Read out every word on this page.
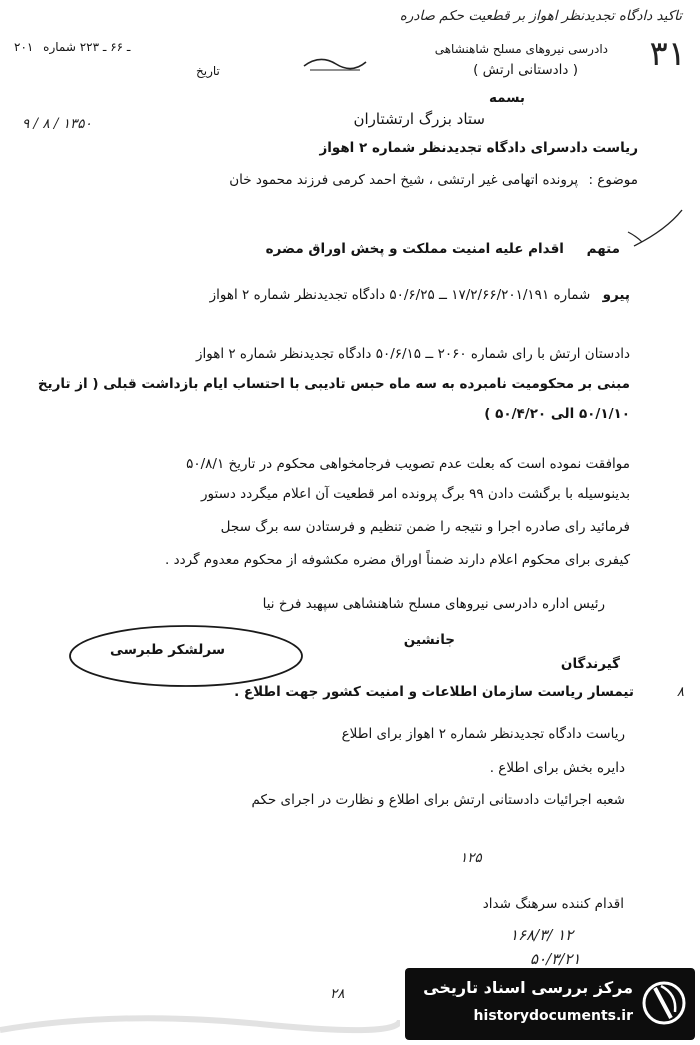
تاکید دادگاه تجدیدنظر اهواز بر قطعیت حکم صادره
۳۱
۲۰۱ ـ ۶۶ ـ ۲۲۳ شماره
تاریخ
دادرسی نیروهای مسلح شاهنشاهی
( دادستانی ارتش )
بسمه
ستاد بزرگ ارتشتاران
۹ / ۸ / ۱۳۵۰
ریاست دادسرای دادگاه تجدیدنظر شماره ۲ اهواز
موضوع : پرونده اتهامی غیر ارتشی ، شیخ احمد کرمی فرزند محمود خان
متهم اقدام علیه امنیت مملکت و پخش اوراق مضره
پیرو شماره ۱۷/۲/۶۶/۲۰۱/۱۹۱ ــ ۵۰/۶/۲۵ دادگاه تجدیدنظر شماره ۲ اهواز
دادستان ارتش با رای شماره ۲۰۶۰ ــ ۵۰/۶/۱۵ دادگاه تجدیدنظر شماره ۲ اهواز
مبنی بر محکومیت نامبرده به سه ماه حبس تادیبی با احتساب ایام بازداشت قبلی ( از تاریخ
۵۰/۱/۱۰ الی ۵۰/۴/۲۰ )
موافقت نموده است که بعلت عدم تصویب فرجامخواهی محکوم در تاریخ ۵۰/۸/۱
بدینوسیله با برگشت دادن ۹۹ برگ پرونده امر قطعیت آن اعلام میگردد دستور
فرمائید رای صادره اجرا و نتیجه را ضمن تنظیم و فرستادن سه برگ سجل
کیفری برای محکوم اعلام دارند ضمناً اوراق مضره مکشوفه از محکوم معدوم گردد .
رئیس اداره دادرسی نیروهای مسلح شاهنشاهی سپهبد فرخ نیا
جانشین
سرلشکر طبرسی
گیرندگان
۸
تیمسار ریاست سازمان اطلاعات و امنیت کشور جهت اطلاع .
ریاست دادگاه تجدیدنظر شماره ۲ اهواز برای اطلاع
دایره بخش برای اطلاع .
شعبه اجرائیات دادستانی ارتش برای اطلاع و نظارت در اجرای حکم
۱۲۵
اقدام کننده سرهنگ شداد
۱۶۸/۳/ ۱۲
۵۰/۳/۲۱
۲۸	مرکز بررسی اسناد تاریخی
historydocuments.ir
